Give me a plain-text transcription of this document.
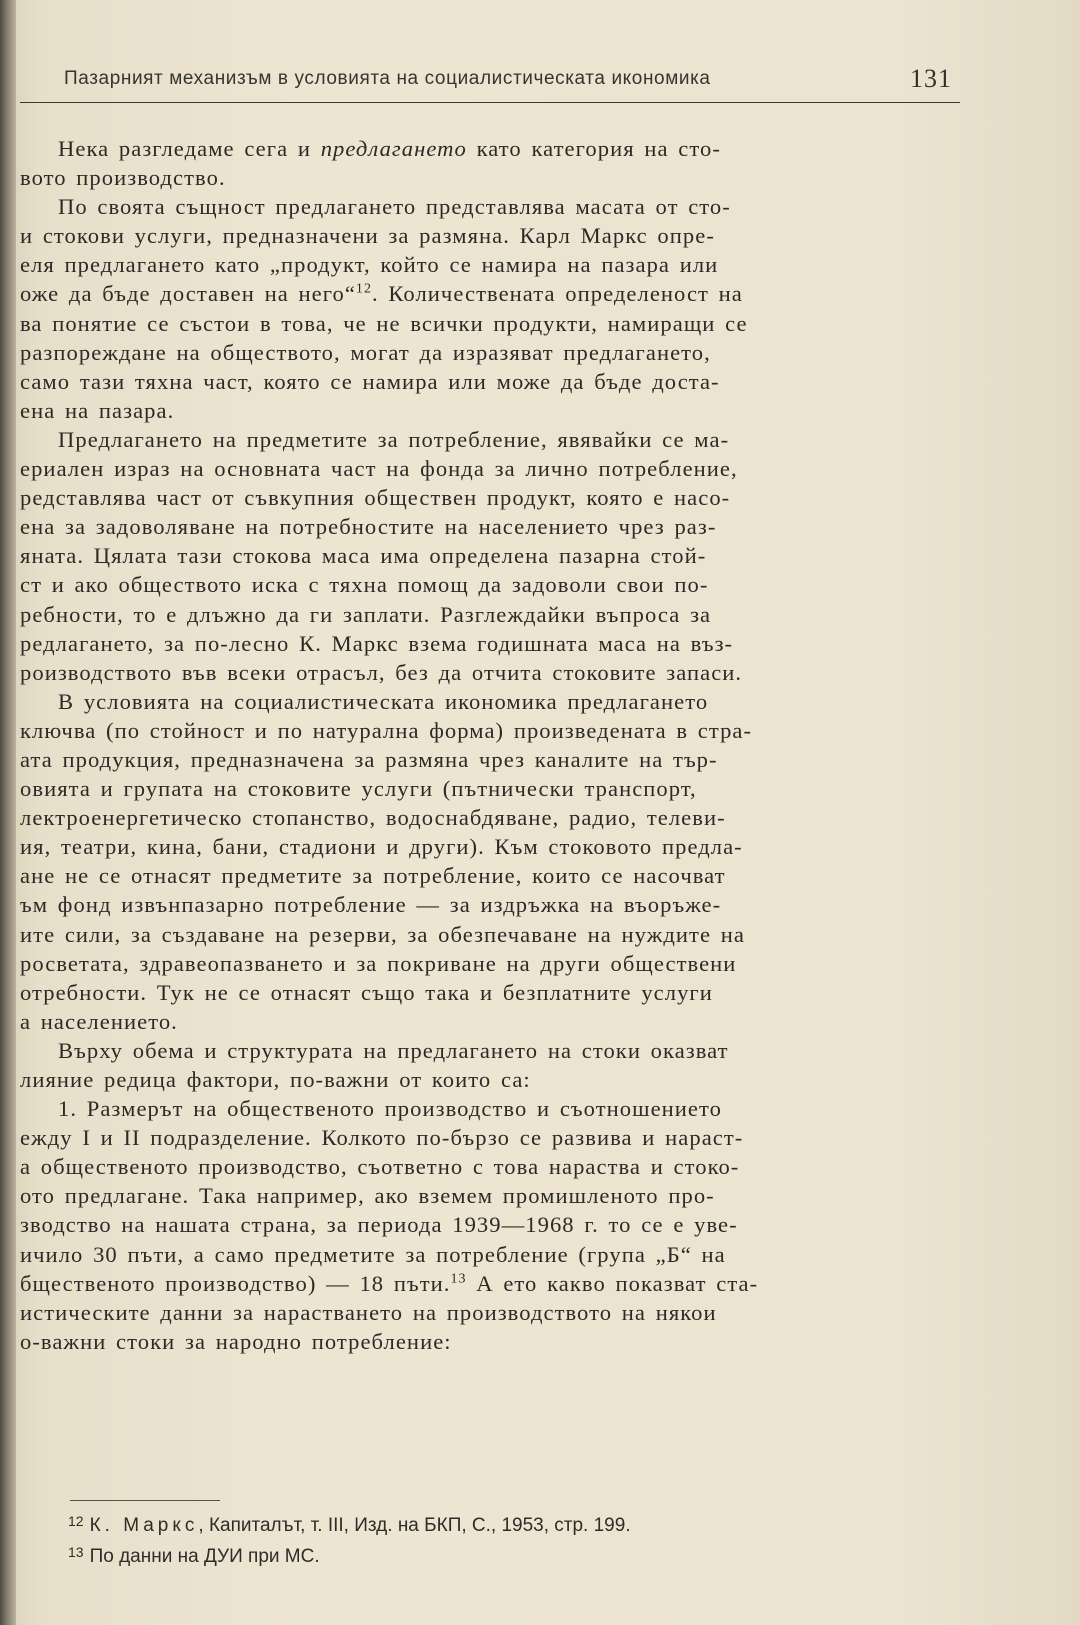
Пазарният механизъм в условията на социалистическата икономика	131

Нека разгледаме сега и предлагането като категория на сто-
вото производство.

По своята същност предлагането представлява масата от сто-
и стокови услуги, предназначени за размяна. Карл Маркс опре-
еля предлагането като „продукт, който се намира на пазара или
оже да бъде доставен на него“$^{12}$. Количествената определеност на
ва понятие се състои в това, че не всички продукти, намиращи се
разпореждане на обществото, могат да изразяват предлагането,
само тази тяхна част, която се намира или може да бъде доста-
ена на пазара.

Предлагането на предметите за потребление, явявайки се ма-
ериален израз на основната част на фонда за лично потребление,
редставлява част от съвкупния обществен продукт, която е насо-
ена за задоволяване на потребностите на населението чрез раз-
яната. Цялата тази стокова маса има определена пазарна стой-
ст и ако обществото иска с тяхна помощ да задоволи свои по-
ребности, то е длъжно да ги заплати. Разглеждайки въпроса за
редлагането, за по-лесно К. Маркс взема годишната маса на въз-
роизводството във всеки отрасъл, без да отчита стоковите запаси.

В условията на социалистическата икономика предлагането
ключва (по стойност и по натурална форма) произведената в стра-
ата продукция, предназначена за размяна чрез каналите на тър-
овията и групата на стоковите услуги (пътнически транспорт,
лектроенергетическо стопанство, водоснабдяване, радио, телеви-
ия, театри, кина, бани, стадиони и други). Към стоковото предла-
ане не се отнасят предметите за потребление, които се насочват
ъм фонд извънпазарно потребление — за издръжка на въоръже-
ите сили, за създаване на резерви, за обезпечаване на нуждите на
росветата, здравеопазването и за покриване на други обществени
отребности. Тук не се отнасят също така и безплатните услуги
а населението.

Върху обема и структурата на предлагането на стоки оказват
лияние редица фактори, по-важни от които са:

1. Размерът на общественото производство и съотношението
ежду I и II подразделение. Колкото по-бързо се развива и нараст-
а общественото производство, съответно с това нараства и стоко-
ото предлагане. Така например, ако вземем промишленото про-
зводство на нашата страна, за периода 1939—1968 г. то се е уве-
ичило 30 пъти, а само предметите за потребление (група „Б“ на
бщественото производство) — 18 пъти.$^{13}$ А ето какво показват ста-
истическите данни за нарастването на производството на някои
о-важни стоки за народно потребление:

$^{12}$ К. Маркс, Капиталът, т. III, Изд. на БКП, С., 1953, стр. 199.
$^{13}$ По данни на ДУИ при МС.
